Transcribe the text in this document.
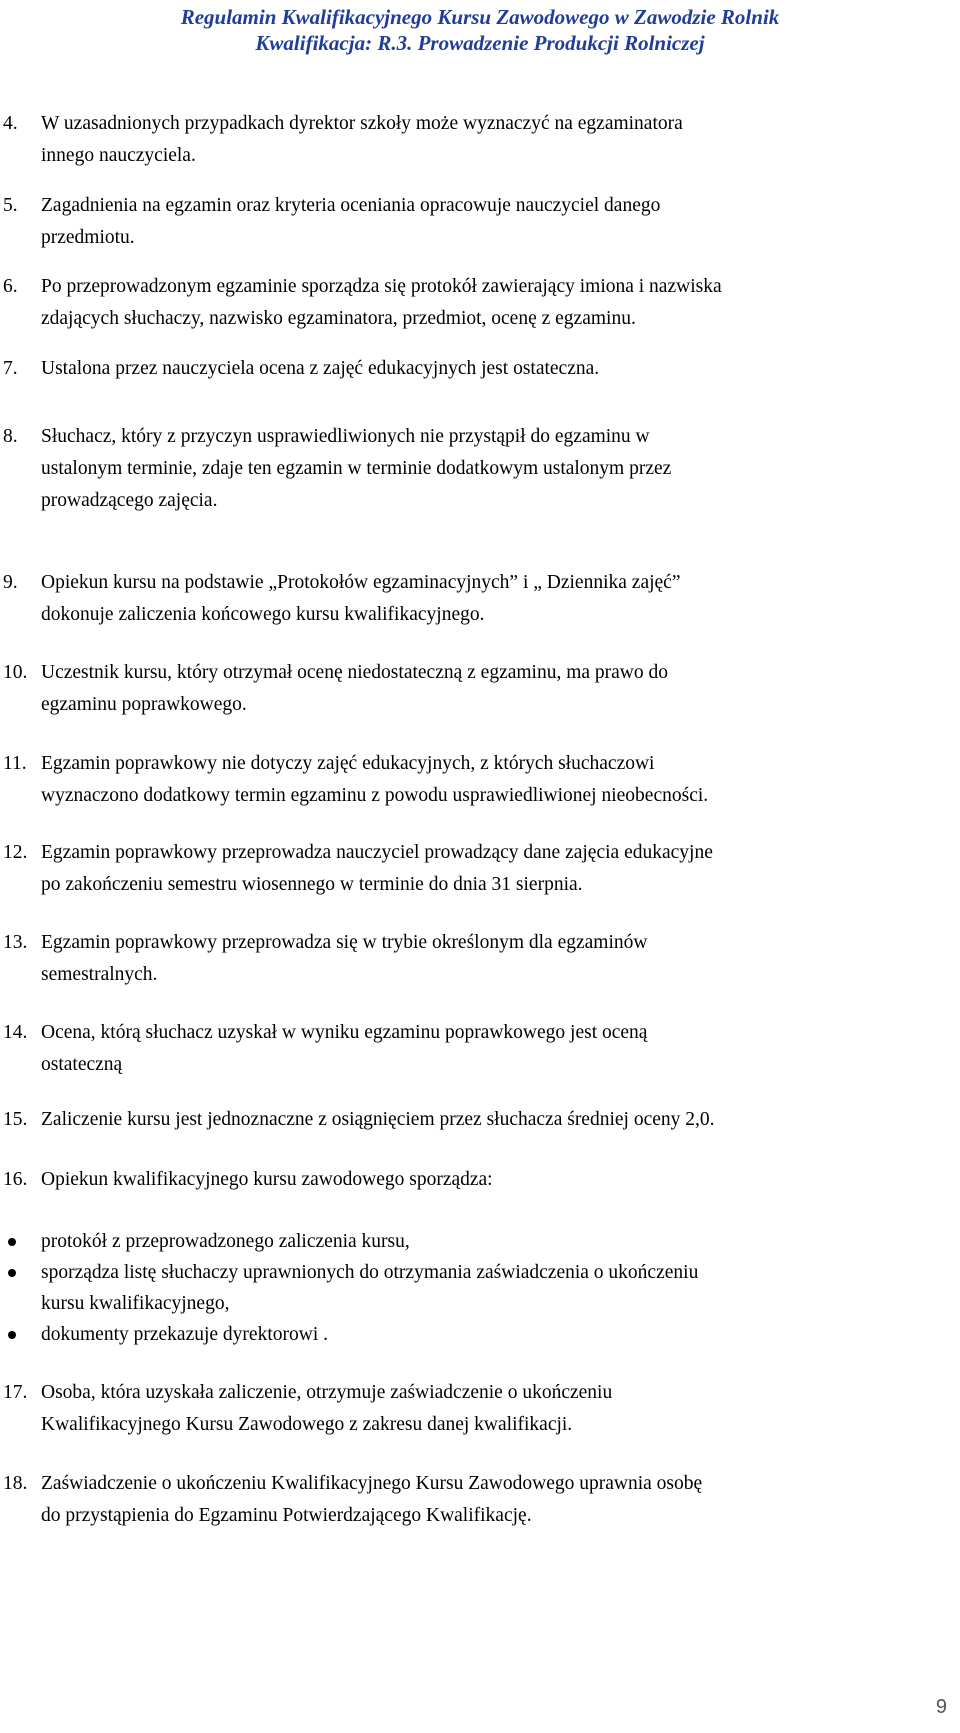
Regulamin Kwalifikacyjnego Kursu Zawodowego w Zawodzie Rolnik
Kwalifikacja: R.3. Prowadzenie Produkcji Rolniczej
4. W uzasadnionych przypadkach dyrektor szkoły może wyznaczyć na egzaminatora
innego nauczyciela.
5. Zagadnienia na egzamin oraz kryteria oceniania opracowuje nauczyciel danego
przedmiotu.
6. Po przeprowadzonym egzaminie sporządza się protokół zawierający imiona i nazwiska
zdających słuchaczy, nazwisko egzaminatora, przedmiot, ocenę z egzaminu.
7. Ustalona przez nauczyciela ocena z zajęć edukacyjnych jest ostateczna.
8. Słuchacz, który z przyczyn usprawiedliwionych nie przystąpił do egzaminu w
ustalonym terminie, zdaje ten egzamin w terminie dodatkowym ustalonym przez
prowadzącego zajęcia.
9. Opiekun kursu na podstawie „Protokołów egzaminacyjnych” i „ Dziennika zajęć”
dokonuje zaliczenia końcowego kursu kwalifikacyjnego.
10. Uczestnik kursu, który otrzymał ocenę niedostateczną z egzaminu, ma prawo do
egzaminu poprawkowego.
11. Egzamin poprawkowy nie dotyczy zajęć edukacyjnych, z których słuchaczowi
wyznaczono dodatkowy termin egzaminu z powodu usprawiedliwionej nieobecności.
12. Egzamin poprawkowy przeprowadza nauczyciel prowadzący dane zajęcia edukacyjne
po zakończeniu semestru wiosennego w terminie do dnia 31 sierpnia.
13. Egzamin poprawkowy przeprowadza się w trybie określonym dla egzaminów
semestralnych.
14. Ocena, którą słuchacz uzyskał w wyniku egzaminu poprawkowego jest oceną
ostateczną
15. Zaliczenie kursu jest jednoznaczne z osiągnięciem przez słuchacza średniej oceny 2,0.
16. Opiekun kwalifikacyjnego kursu zawodowego sporządza:
17. Osoba, która uzyskała zaliczenie, otrzymuje zaświadczenie o ukończeniu
Kwalifikacyjnego Kursu Zawodowego z zakresu danej kwalifikacji.
18. Zaświadczenie o ukończeniu Kwalifikacyjnego Kursu Zawodowego uprawnia osobę
do przystąpienia do Egzaminu Potwierdzającego Kwalifikację.
protokół z przeprowadzonego zaliczenia kursu,
sporządza listę słuchaczy uprawnionych do otrzymania zaświadczenia o ukończeniu
kursu kwalifikacyjnego,
dokumenty przekazuje dyrektorowi .
9
